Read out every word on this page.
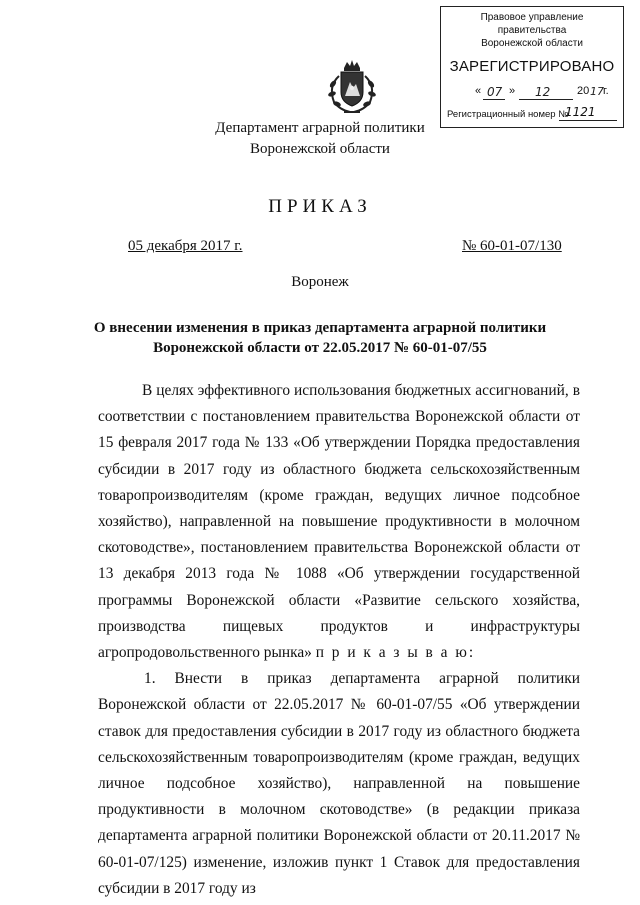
Правовое управление правительства
Воронежской области
ЗАРЕГИСТРИРОВАНО
« 07 » 12 20 17 г.
Регистрационный номер №
1121
Департамент аграрной политики
Воронежской области
ПРИКАЗ
05 декабря 2017 г.	№ 60-01-07/130
Воронеж
О внесении изменения в приказ департамента аграрной политики
Воронежской области от 22.05.2017 № 60-01-07/55

В целях эффективного использования бюджетных ассигнований, в соответствии с постановлением правительства Воронежской области от 15 февраля 2017 года № 133 «Об утверждении Порядка предоставления субсидии в 2017 году из областного бюджета сельскохозяйственным товаропроизводителям (кроме граждан, ведущих личное подсобное хозяйство), направленной на повышение продуктивности в молочном скотоводстве», постановлением правительства Воронежской области от 13 декабря 2013 года № 1088 «Об утверждении государственной программы Воронежской области «Развитие сельского хозяйства, производства пищевых продуктов и инфраструктуры агропродовольственного рынка» п р и к а з ы в а ю:

1. Внести в приказ департамента аграрной политики Воронежской области от 22.05.2017 № 60-01-07/55 «Об утверждении ставок для предоставления субсидии в 2017 году из областного бюджета сельскохозяйственным товаропроизводителям (кроме граждан, ведущих личное подсобное хозяйство), направленной на повышение продуктивности в молочном скотоводстве» (в редакции приказа департамента аграрной политики Воронежской области от 20.11.2017 № 60-01-07/125) изменение, изложив пункт 1 Ставок для предоставления субсидии в 2017 году из
